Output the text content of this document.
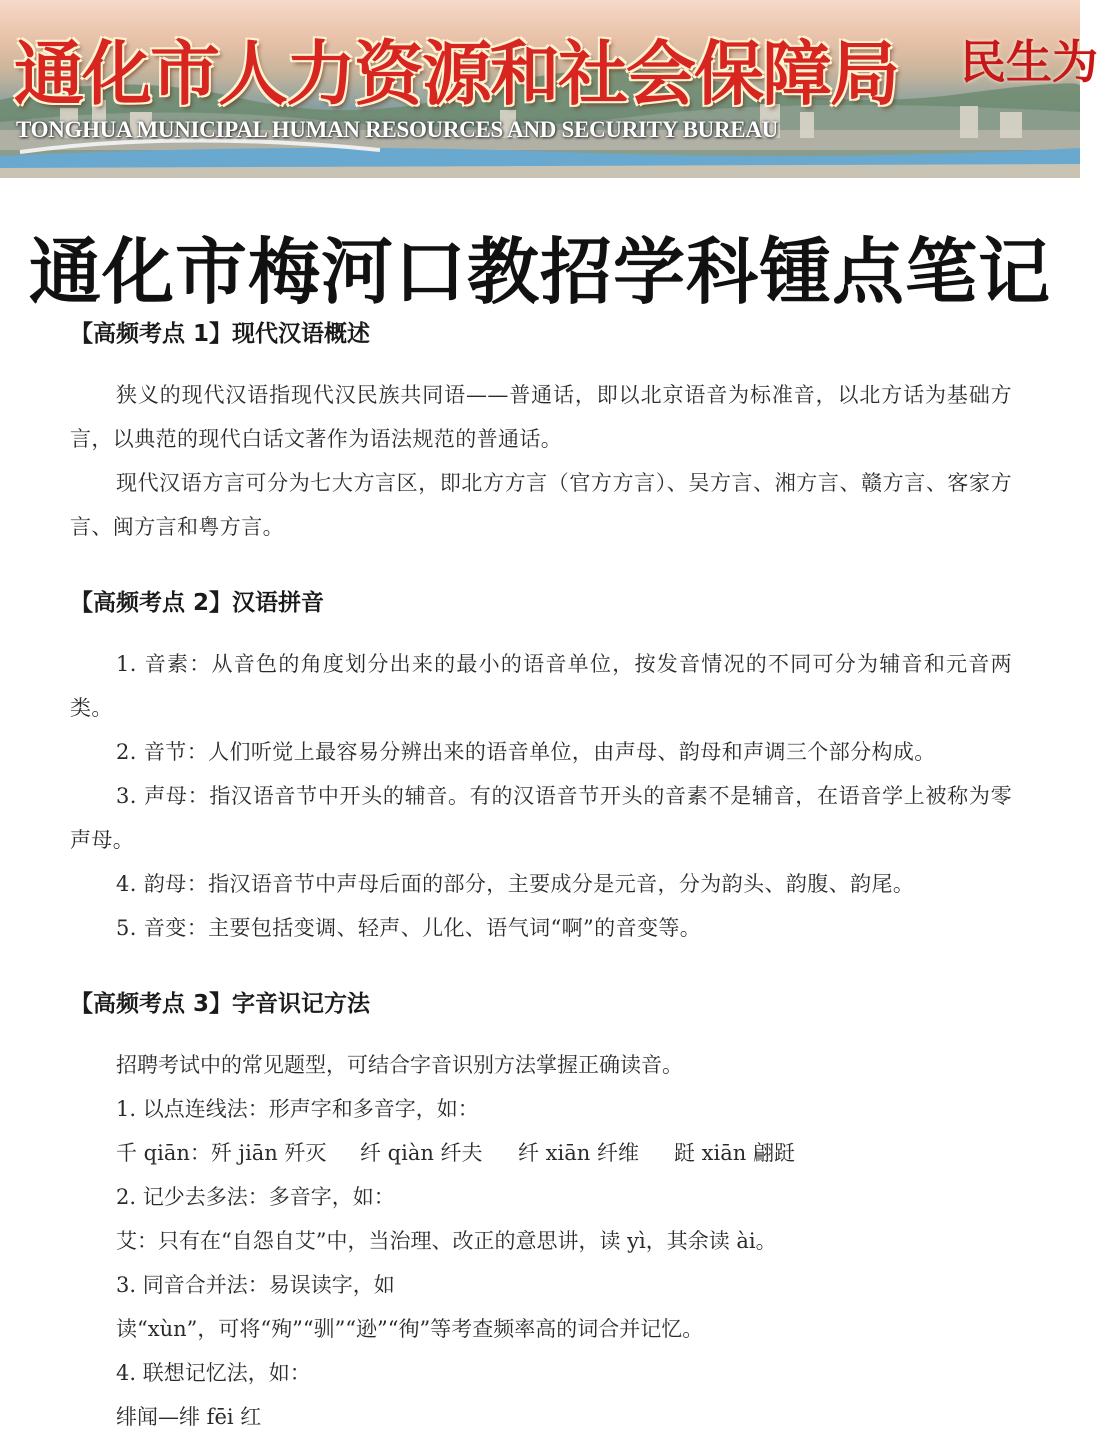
通化市人力资源和社会保障局 民生为
TONGHUA MUNICIPAL HUMAN RESOURCES AND SECURITY BUREAU
通化市梅河口教招学科锺点笔记

【高频考点 1】现代汉语概述

狭义的现代汉语指现代汉民族共同语——普通话，即以北京语音为标准音，以北方话为基础方言，以典范的现代白话文著作为语法规范的普通话。

现代汉语方言可分为七大方言区，即北方方言（官方方言）、吴方言、湘方言、赣方言、客家方言、闽方言和粤方言。

【高频考点 2】汉语拼音

1. 音素：从音色的角度划分出来的最小的语音单位，按发音情况的不同可分为辅音和元音两类。

2. 音节：人们听觉上最容易分辨出来的语音单位，由声母、韵母和声调三个部分构成。

3. 声母：指汉语音节中开头的辅音。有的汉语音节开头的音素不是辅音，在语音学上被称为零声母。

4. 韵母：指汉语音节中声母后面的部分，主要成分是元音，分为韵头、韵腹、韵尾。

5. 音变：主要包括变调、轻声、儿化、语气词“啊”的音变等。

【高频考点 3】字音识记方法

招聘考试中的常见题型，可结合字音识别方法掌握正确读音。

1. 以点连线法：形声字和多音字，如：

千 qiān：歼 jiān 歼灭	纤 qiàn 纤夫	纤 xiān 纤维	跹 xiān 翩跹

2. 记少去多法：多音字，如：

艾：只有在“自怨自艾”中，当治理、改正的意思讲，读 yì，其余读 ài。

3. 同音合并法：易误读字，如

读“xùn”，可将“殉”“驯”“逊”“徇”等考查频率高的词合并记忆。

4. 联想记忆法，如：

绯闻—绯 fēi 红
